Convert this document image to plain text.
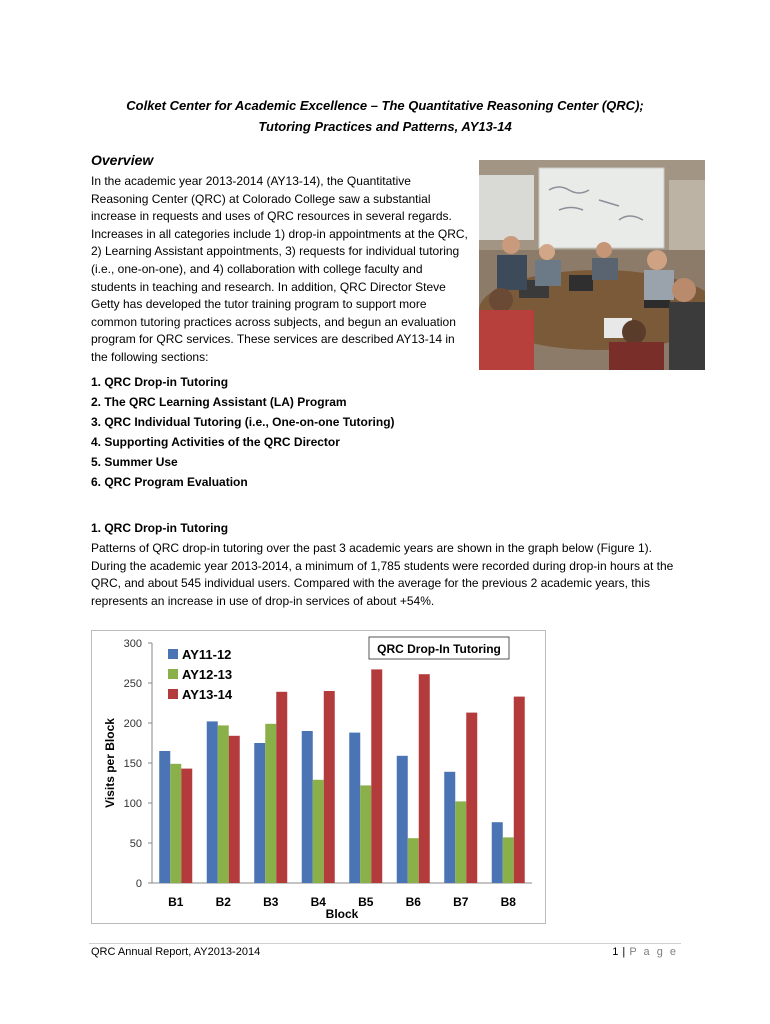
Colket Center for Academic Excellence – The Quantitative Reasoning Center (QRC);
Tutoring Practices and Patterns, AY13-14
Overview

In the academic year 2013-2014 (AY13-14), the Quantitative Reasoning Center (QRC) at Colorado College saw a substantial increase in requests and uses of QRC resources in several regards. Increases in all categories include 1) drop-in appointments at the QRC, 2) Learning Assistant appointments, 3) requests for individual tutoring (i.e., one-on-one), and 4) collaboration with college faculty and students in teaching and research. In addition, QRC Director Steve Getty has developed the tutor training program to support more common tutoring practices across subjects, and begun an evaluation program for QRC services. These services are described AY13-14 in the following sections:

1. QRC Drop-in Tutoring
2. The QRC Learning Assistant (LA) Program
3. QRC Individual Tutoring (i.e., One-on-one Tutoring)
4. Supporting Activities of the QRC Director
5. Summer Use
6. QRC Program Evaluation
1. QRC Drop-in Tutoring

Patterns of QRC drop-in tutoring over the past 3 academic years are shown in the graph below (Figure 1). During the academic year 2013-2014, a minimum of 1,785 students were recorded during drop-in hours at the QRC, and about 545 individual users. Compared with the average for the previous 2 academic years, this represents an increase in use of drop-in services of about +54%.

0
50
100
150
200
250
300
B1	B2	B3	B4	B5	B6	B7	B8
Block
Visits per Block
AY11-12
AY12-13
AY13-14
QRC Drop-In Tutoring
QRC Annual Report, AY2013-2014	1 | P a g e
